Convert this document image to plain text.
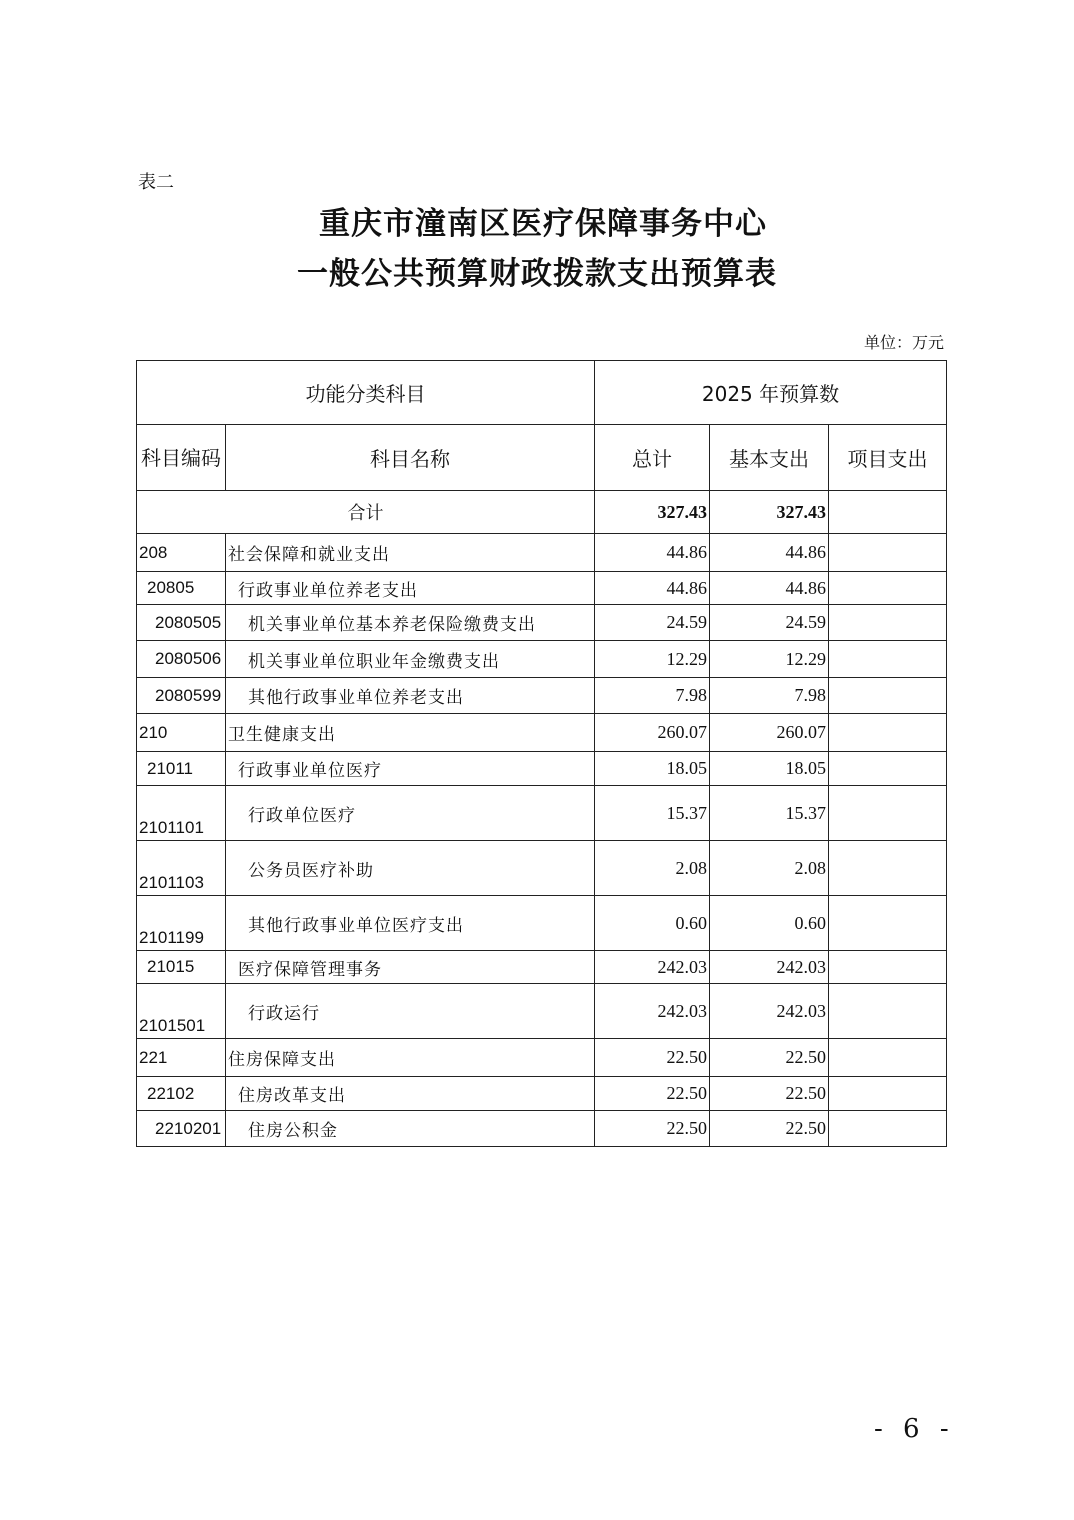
表二
重庆市潼南区医疗保障事务中心
一般公共预算财政拨款支出预算表
单位：万元
功能分类科目		2025 年预算数		
科目编码	科目名称	总计	基本支出	项目支出
合计		327.43	327.43	
208	社会保障和就业支出	44.86	44.86	
20805	行政事业单位养老支出	44.86	44.86	
2080505	机关事业单位基本养老保险缴费支出	24.59	24.59	
2080506	机关事业单位职业年金缴费支出	12.29	12.29	
2080599	其他行政事业单位养老支出	7.98	7.98	
210	卫生健康支出	260.07	260.07	
21011	行政事业单位医疗	18.05	18.05	
2101101	行政单位医疗	15.37	15.37	
2101103	公务员医疗补助	2.08	2.08	
2101199	其他行政事业单位医疗支出	0.60	0.60	
21015	医疗保障管理事务	242.03	242.03	
2101501	行政运行	242.03	242.03	
221	住房保障支出	22.50	22.50	
22102	住房改革支出	22.50	22.50	
2210201	住房公积金	22.50	22.50	
- 6 -
